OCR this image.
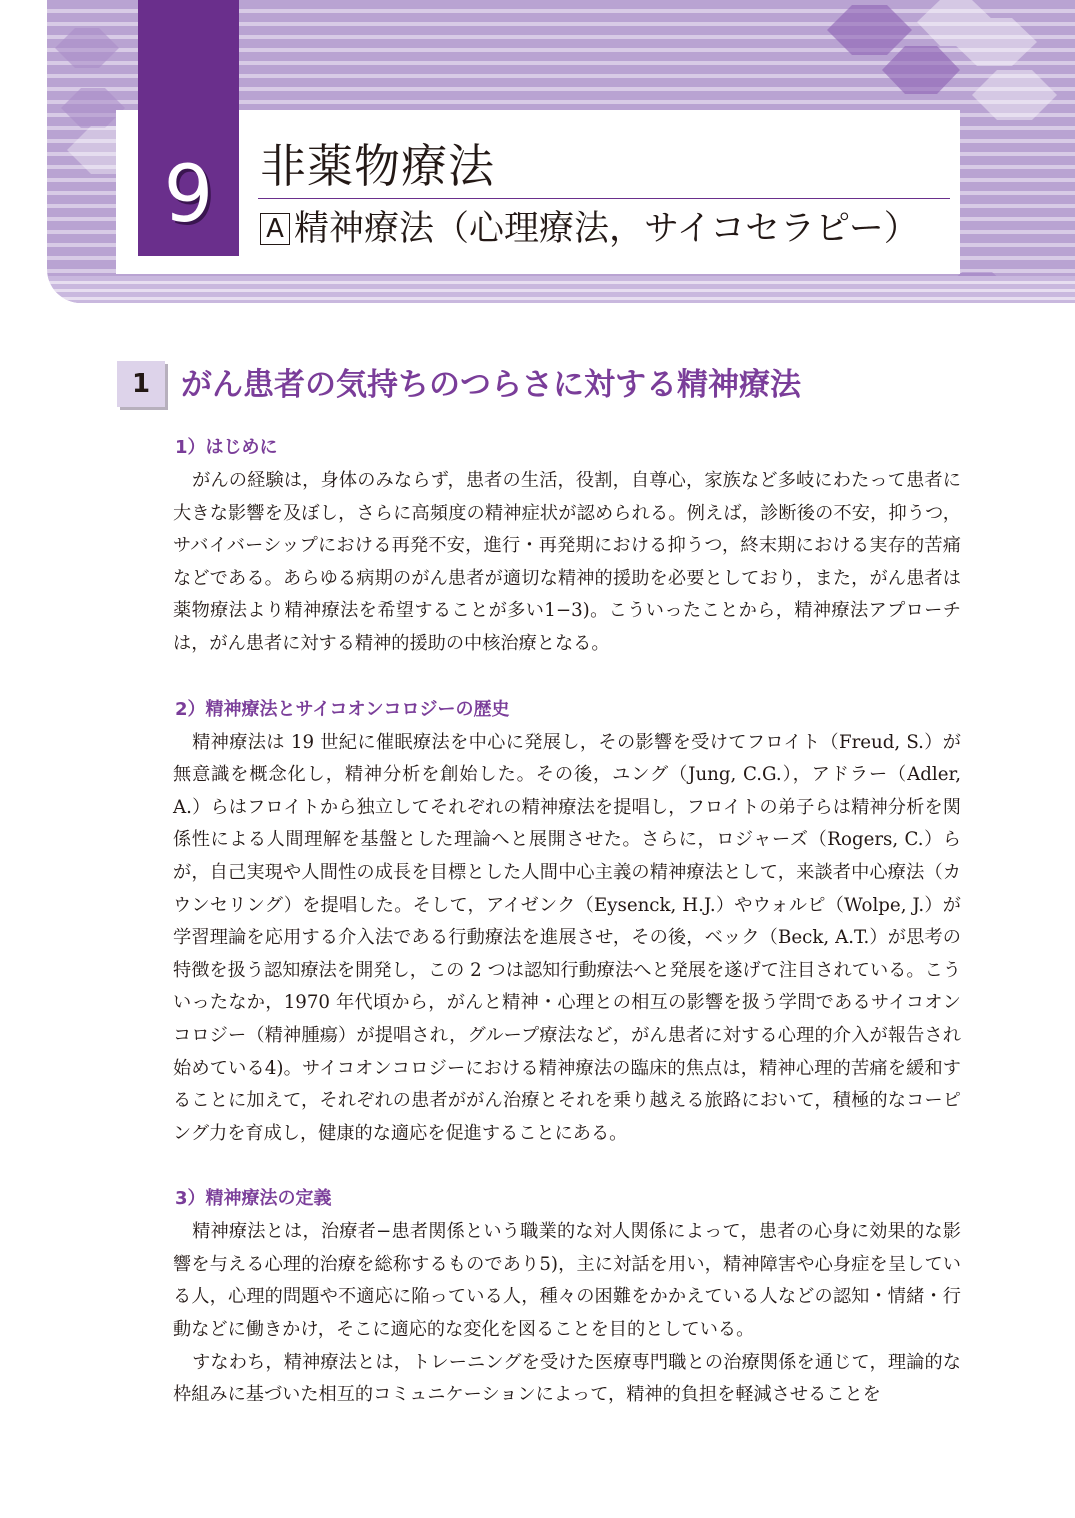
9	非薬物療法
A 精神療法（心理療法，サイコセラピー）
1 がん患者の気持ちのつらさに対する精神療法
1）はじめに

がんの経験は，身体のみならず，患者の生活，役割，自尊心，家族など多岐にわたって患者に大きな影響を及ぼし，さらに高頻度の精神症状が認められる。例えば，診断後の不安，抑うつ，サバイバーシップにおける再発不安，進行・再発期における抑うつ，終末期における実存的苦痛などである。あらゆる病期のがん患者が適切な精神的援助を必要としており，また，がん患者は薬物療法より精神療法を希望することが多い1−3)。こういったことから，精神療法アプローチは，がん患者に対する精神的援助の中核治療となる。

2）精神療法とサイコオンコロジーの歴史

精神療法は 19 世紀に催眠療法を中心に発展し，その影響を受けてフロイト（Freud, S.）が無意識を概念化し，精神分析を創始した。その後，ユング（Jung, C.G.），アドラー（Adler, A.）らはフロイトから独立してそれぞれの精神療法を提唱し，フロイトの弟子らは精神分析を関係性による人間理解を基盤とした理論へと展開させた。さらに，ロジャーズ（Rogers, C.）らが，自己実現や人間性の成長を目標とした人間中心主義の精神療法として，来談者中心療法（カウンセリング）を提唱した。そして，アイゼンク（Eysenck, H.J.）やウォルピ（Wolpe, J.）が学習理論を応用する介入法である行動療法を進展させ，その後，ベック（Beck, A.T.）が思考の特徴を扱う認知療法を開発し，この 2 つは認知行動療法へと発展を遂げて注目されている。こういったなか，1970 年代頃から，がんと精神・心理との相互の影響を扱う学問であるサイコオンコロジー（精神腫瘍）が提唱され，グループ療法など，がん患者に対する心理的介入が報告され始めている4)。サイコオンコロジーにおける精神療法の臨床的焦点は，精神心理的苦痛を緩和することに加えて，それぞれの患者ががん治療とそれを乗り越える旅路において，積極的なコーピング力を育成し，健康的な適応を促進することにある。

3）精神療法の定義

精神療法とは，治療者−患者関係という職業的な対人関係によって，患者の心身に効果的な影響を与える心理的治療を総称するものであり5)，主に対話を用い，精神障害や心身症を呈している人，心理的問題や不適応に陥っている人，種々の困難をかかえている人などの認知・情緒・行動などに働きかけ，そこに適応的な変化を図ることを目的としている。

すなわち，精神療法とは，トレーニングを受けた医療専門職との治療関係を通じて，理論的な枠組みに基づいた相互的コミュニケーションによって，精神的負担を軽減させることを
